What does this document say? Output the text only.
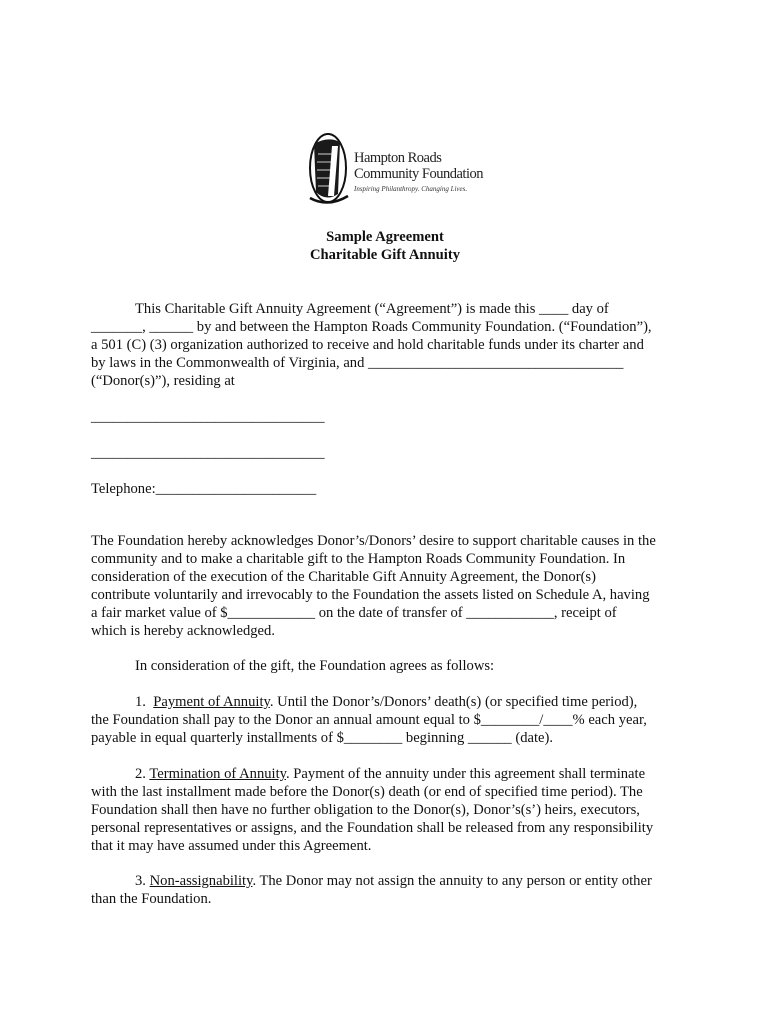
Hampton Roads
Community Foundation
Inspiring Philanthropy. Changing Lives.
Sample Agreement
Charitable Gift Annuity
This Charitable Gift Annuity Agreement (“Agreement”) is made this ____ day of
_______, ______ by and between the Hampton Roads Community Foundation. (“Foundation”),
a 501 (C) (3) organization authorized to receive and hold charitable funds under its charter and
by laws in the Commonwealth of Virginia, and ___________________________________
(“Donor(s)”), residing at
________________________________
________________________________
Telephone:______________________
The Foundation hereby acknowledges Donor’s/Donors’ desire to support charitable causes in the
community and to make a charitable gift to the Hampton Roads Community Foundation. In
consideration of the execution of the Charitable Gift Annuity Agreement, the Donor(s)
contribute voluntarily and irrevocably to the Foundation the assets listed on Schedule A, having
a fair market value of $____________ on the date of transfer of ____________, receipt of
which is hereby acknowledged.
In consideration of the gift, the Foundation agrees as follows:
1. Payment of Annuity. Until the Donor’s/Donors’ death(s) (or specified time period),
the Foundation shall pay to the Donor an annual amount equal to $________/____% each year,
payable in equal quarterly installments of $________ beginning ______ (date).
2. Termination of Annuity. Payment of the annuity under this agreement shall terminate
with the last installment made before the Donor(s) death (or end of specified time period). The
Foundation shall then have no further obligation to the Donor(s), Donor’s(s’) heirs, executors,
personal representatives or assigns, and the Foundation shall be released from any responsibility
that it may have assumed under this Agreement.
3. Non-assignability. The Donor may not assign the annuity to any person or entity other
than the Foundation.
